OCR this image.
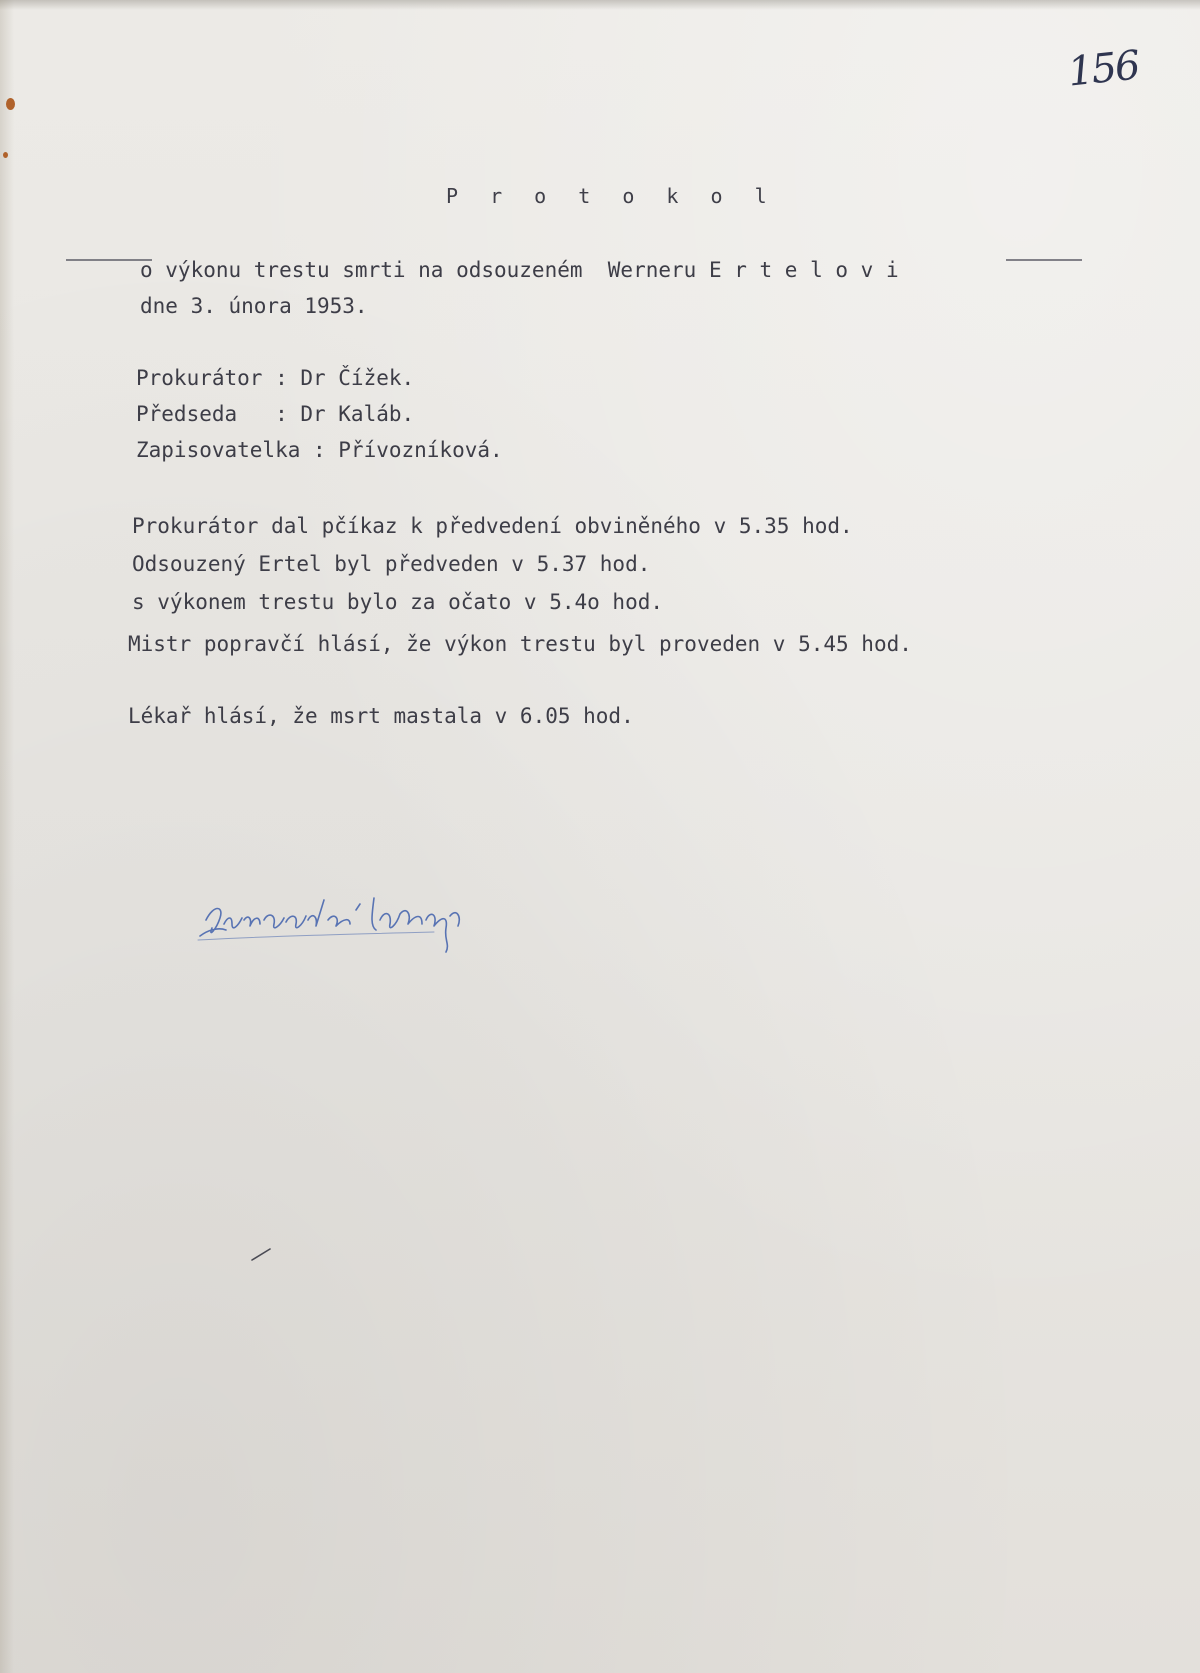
156
P r o t o k o l
o výkonu trestu smrti na odsouzeném  Werneru E r t e l o v i
dne 3. února 1953.
Prokurátor : Dr Čížek.
Předseda   : Dr Kaláb.
Zapisovatelka : Přívozníková.
Prokurátor dal pčíkaz k předvedení obviněného v 5.35 hod.
Odsouzený Ertel byl předveden v 5.37 hod.
s výkonem trestu bylo za očato v 5.4o hod.
Mistr popravčí hlásí, že výkon trestu byl proveden v 5.45 hod.
Lékař hlásí, že msrt mastala v 6.05 hod.
